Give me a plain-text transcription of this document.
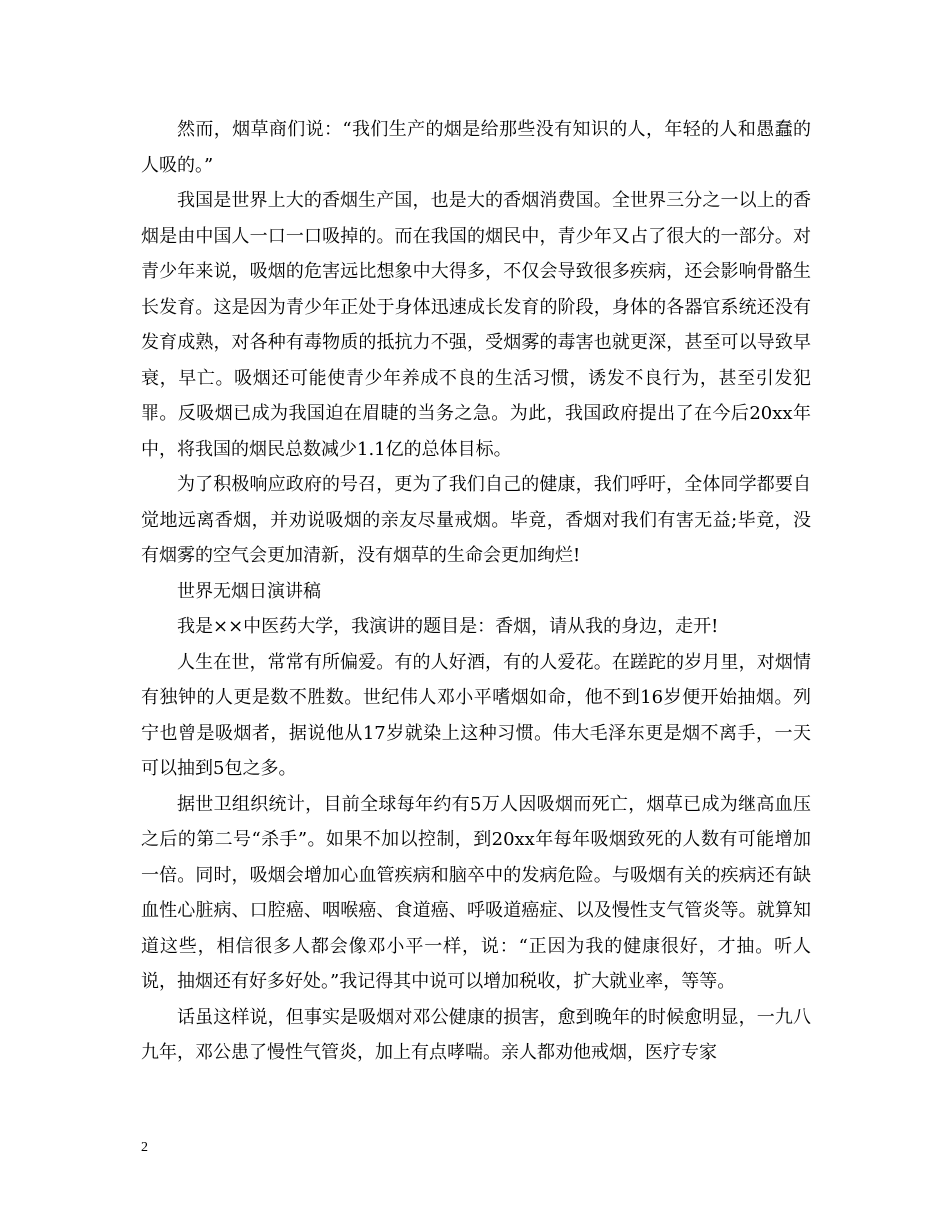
然而，烟草商们说：“我们生产的烟是给那些没有知识的人，年轻的人和愚蠢的人吸的。”

我国是世界上大的香烟生产国，也是大的香烟消费国。全世界三分之一以上的香烟是由中国人一口一口吸掉的。而在我国的烟民中，青少年又占了很大的一部分。对青少年来说，吸烟的危害远比想象中大得多，不仅会导致很多疾病，还会影响骨骼生长发育。这是因为青少年正处于身体迅速成长发育的阶段，身体的各器官系统还没有发育成熟，对各种有毒物质的抵抗力不强，受烟雾的毒害也就更深，甚至可以导致早衰，早亡。吸烟还可能使青少年养成不良的生活习惯，诱发不良行为，甚至引发犯罪。反吸烟已成为我国迫在眉睫的当务之急。为此，我国政府提出了在今后20xx年中，将我国的烟民总数减少1.1亿的总体目标。

为了积极响应政府的号召，更为了我们自己的健康，我们呼吁，全体同学都要自觉地远离香烟，并劝说吸烟的亲友尽量戒烟。毕竟，香烟对我们有害无益;毕竟，没有烟雾的空气会更加清新，没有烟草的生命会更加绚烂!

世界无烟日演讲稿

我是××中医药大学，我演讲的题目是：香烟，请从我的身边，走开!

人生在世，常常有所偏爱。有的人好酒，有的人爱花。在蹉跎的岁月里，对烟情有独钟的人更是数不胜数。世纪伟人邓小平嗜烟如命，他不到16岁便开始抽烟。列宁也曾是吸烟者，据说他从17岁就染上这种习惯。伟大毛泽东更是烟不离手，一天可以抽到5包之多。

据世卫组织统计，目前全球每年约有5万人因吸烟而死亡，烟草已成为继高血压之后的第二号“杀手”。如果不加以控制，到20xx年每年吸烟致死的人数有可能增加一倍。同时，吸烟会增加心血管疾病和脑卒中的发病危险。与吸烟有关的疾病还有缺血性心脏病、口腔癌、咽喉癌、食道癌、呼吸道癌症、以及慢性支气管炎等。就算知道这些，相信很多人都会像邓小平一样，说：“正因为我的健康很好，才抽。听人说，抽烟还有好多好处。”我记得其中说可以增加税收，扩大就业率，等等。

话虽这样说，但事实是吸烟对邓公健康的损害，愈到晚年的时候愈明显，一九八九年，邓公患了慢性气管炎，加上有点哮喘。亲人都劝他戒烟，医疗专家

2
